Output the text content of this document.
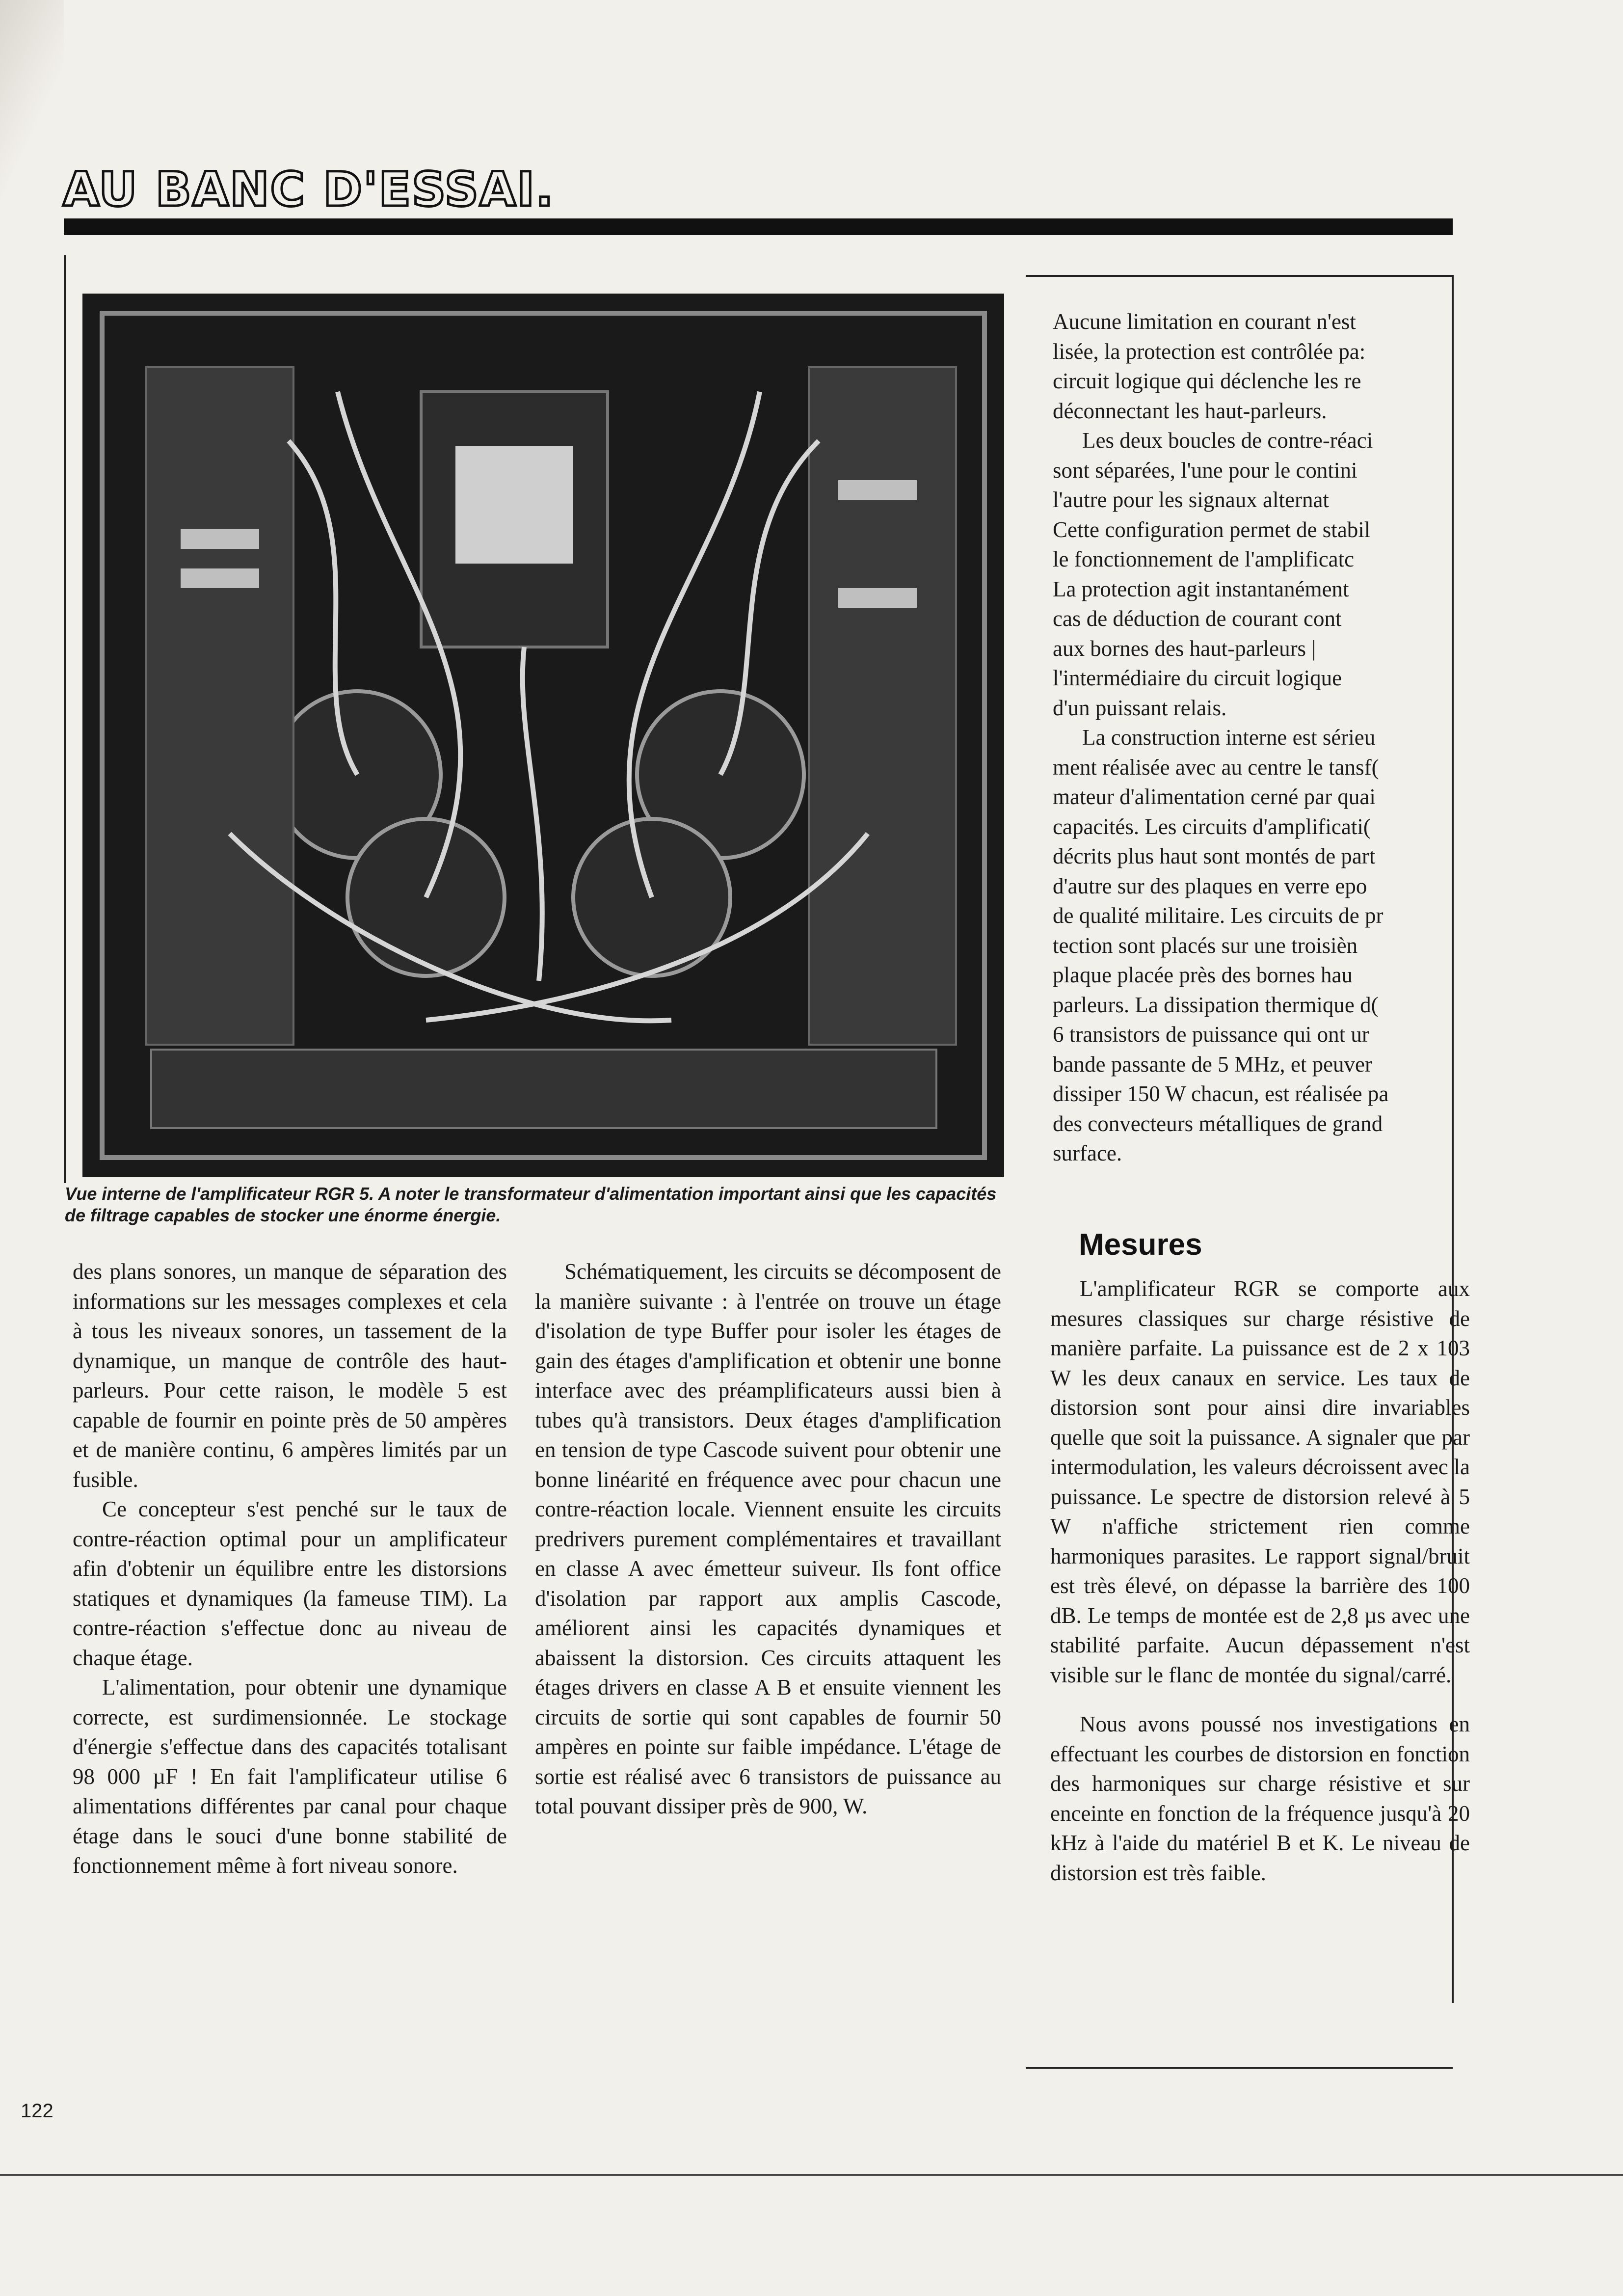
AU BANC D'ESSAI.
Vue interne de l'amplificateur RGR 5. A noter le transformateur d'alimentation important ainsi que les capacités de filtrage capables de stocker une énorme énergie.

Aucune limitation en courant n'est

lisée, la protection est contrôlée pa:

circuit logique qui déclenche les re

déconnectant les haut-parleurs.

Les deux boucles de contre-réaci

sont séparées, l'une pour le contini

l'autre pour les signaux alternat

Cette configuration permet de stabil

le fonctionnement de l'amplificatc

La protection agit instantanément

cas de déduction de courant cont

aux bornes des haut-parleurs |

l'intermédiaire du circuit logique

d'un puissant relais.

La construction interne est sérieu

ment réalisée avec au centre le tansf(

mateur d'alimentation cerné par quai

capacités. Les circuits d'amplificati(

décrits plus haut sont montés de part

d'autre sur des plaques en verre epo

de qualité militaire. Les circuits de pr

tection sont placés sur une troisièn

plaque placée près des bornes hau

parleurs. La dissipation thermique d(

6 transistors de puissance qui ont ur

bande passante de 5 MHz, et peuver

dissiper 150 W chacun, est réalisée pa

des convecteurs métalliques de grand

surface.

des plans sonores, un manque de séparation des informations sur les messages complexes et cela à tous les niveaux sonores, un tassement de la dynamique, un manque de contrôle des haut-parleurs. Pour cette raison, le modèle 5 est capable de fournir en pointe près de 50 ampères et de manière continu, 6 ampères limités par un fusible.

Ce concepteur s'est penché sur le taux de contre-réaction optimal pour un amplificateur afin d'obtenir un équilibre entre les distorsions statiques et dynamiques (la fameuse TIM). La contre-réaction s'effectue donc au niveau de chaque étage.

L'alimentation, pour obtenir une dynamique correcte, est surdimensionnée. Le stockage d'énergie s'effectue dans des capacités totalisant 98 000 µF ! En fait l'amplificateur utilise 6 alimentations différentes par canal pour chaque étage dans le souci d'une bonne stabilité de fonctionnement même à fort niveau sonore.

Schématiquement, les circuits se décomposent de la manière suivante : à l'entrée on trouve un étage d'isolation de type Buffer pour isoler les étages de gain des étages d'amplification et obtenir une bonne interface avec des préamplificateurs aussi bien à tubes qu'à transistors. Deux étages d'amplification en tension de type Cascode suivent pour obtenir une bonne linéarité en fréquence avec pour chacun une contre-réaction locale. Viennent ensuite les circuits predrivers purement complémentaires et travaillant en classe A avec émetteur suiveur. Ils font office d'isolation par rapport aux amplis Cascode, améliorent ainsi les capacités dynamiques et abaissent la distorsion. Ces circuits attaquent les étages drivers en classe A B et ensuite viennent les circuits de sortie qui sont capables de fournir 50 ampères en pointe sur faible impédance. L'étage de sortie est réalisé avec 6 transistors de puissance au total pouvant dissiper près de 900, W.

Mesures

L'amplificateur RGR se comporte aux mesures classiques sur charge résistive de manière parfaite. La puissance est de 2 x 103 W les deux canaux en service. Les taux de distorsion sont pour ainsi dire invariables quelle que soit la puissance. A signaler que par intermodulation, les valeurs décroissent avec la puissance. Le spectre de distorsion relevé à 5 W n'affiche strictement rien comme harmoniques parasites. Le rapport signal/bruit est très élevé, on dépasse la barrière des 100 dB. Le temps de montée est de 2,8 µs avec une stabilité parfaite. Aucun dépassement n'est visible sur le flanc de montée du signal/carré.

Nous avons poussé nos investigations en effectuant les courbes de distorsion en fonction des harmoniques sur charge résistive et sur enceinte en fonction de la fréquence jusqu'à 20 kHz à l'aide du matériel B et K. Le niveau de distorsion est très faible.

122
